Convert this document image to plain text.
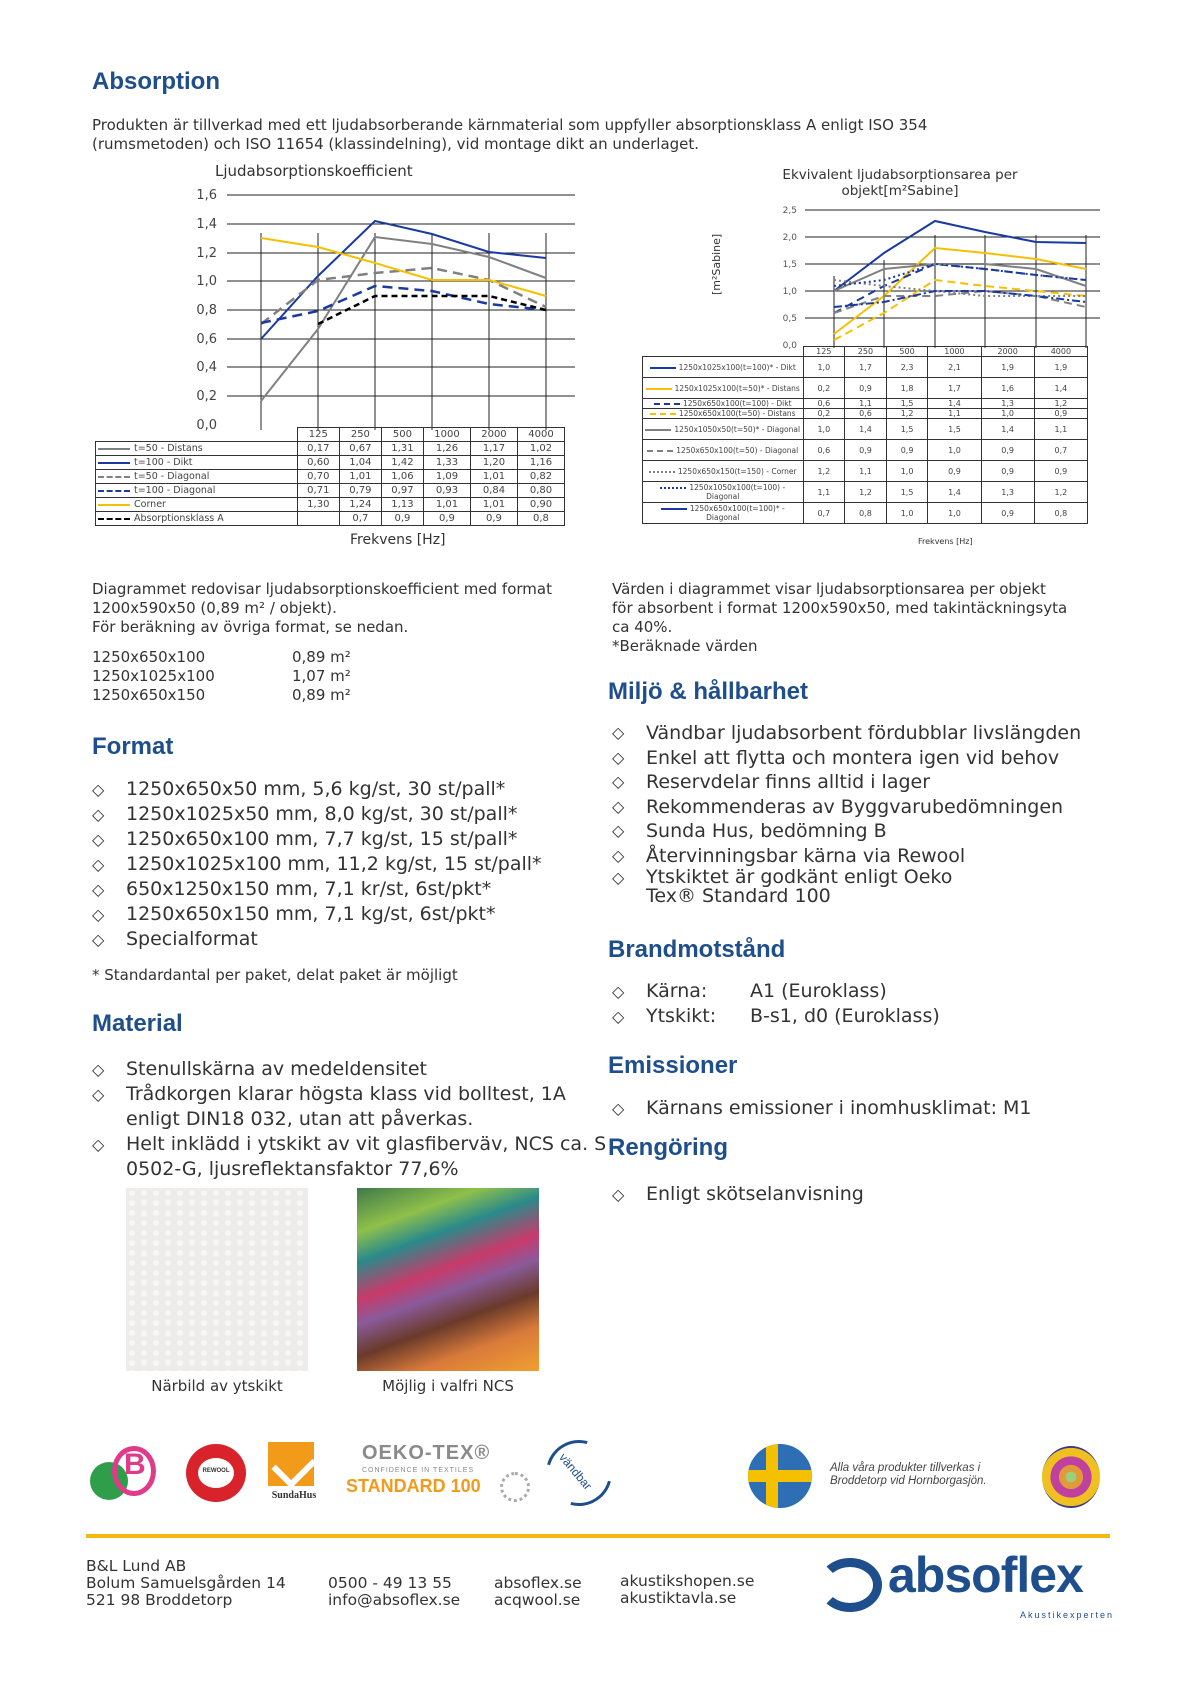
Absorption
Produkten är tillverkad med ett ljudabsorberande kärnmaterial som uppfyller absorptionsklass A enligt ISO 354 (rumsmetoden) och ISO 11654 (klassindelning), vid montage dikt an underlaget.
Ljudabsorptionskoefficient
1,6
1,4
1,2
1,0
0,8
0,6
0,4
0,2
0,0
	125	250	500	1000	2000	4000
t=50 - Distans	0,17	0,67	1,31	1,26	1,17	1,02
t=100 - Dikt	0,60	1,04	1,42	1,33	1,20	1,16
t=50 - Diagonal	0,70	1,01	1,06	1,09	1,01	0,82
t=100 - Diagonal	0,71	0,79	0,97	0,93	0,84	0,80
Corner	1,30	1,24	1,13	1,01	1,01	0,90
Absorptionsklass A		0,7	0,9	0,9	0,9	0,8
Frekvens [Hz]
Ekvivalent ljudabsorptionsarea per objekt[m²Sabine]
[m²Sabine]
2,5
2,0
1,5
1,0
0,5
0,0
	125	250	500	1000	2000	4000
1250x1025x100(t=100)* - Dikt	1,0	1,7	2,3	2,1	1,9	1,9
1250x1025x100(t=50)* - Distans	0,2	0,9	1,8	1,7	1,6	1,4
1250x650x100(t=100) - Dikt	0,6	1,1	1,5	1,4	1,3	1,2
1250x650x100(t=50) - Distans	0,2	0,6	1,2	1,1	1,0	0,9
1250x1050x50(t=50)* - Diagonal	1,0	1,4	1,5	1,5	1,4	1,1
1250x650x100(t=50) - Diagonal	0,6	0,9	0,9	1,0	0,9	0,7
1250x650x150(t=150) - Corner	1,2	1,1	1,0	0,9	0,9	0,9
1250x1050x100(t=100) - Diagonal	1,1	1,2	1,5	1,4	1,3	1,2
1250x650x100(t=100)* - Diagonal	0,7	0,8	1,0	1,0	0,9	0,8
Frekvens [Hz]
Diagrammet redovisar ljudabsorptionskoefficient med format
1200x590x50 (0,89 m² / objekt).
För beräkning av övriga format, se nedan.
1250x650x100	0,89 m²
1250x1025x100	1,07 m²
1250x650x150	0,89 m²
Värden i diagrammet visar ljudabsorptionsarea per objekt
för absorbent i format 1200x590x50, med takintäckningsyta
ca 40%.
*Beräknade värden
Format
◇ 1250x650x50 mm, 5,6 kg/st, 30 st/pall*
◇ 1250x1025x50 mm, 8,0 kg/st, 30 st/pall*
◇ 1250x650x100 mm, 7,7 kg/st, 15 st/pall*
◇ 1250x1025x100 mm, 11,2 kg/st, 15 st/pall*
◇ 650x1250x150 mm, 7,1 kr/st, 6st/pkt*
◇ 1250x650x150 mm, 7,1 kg/st, 6st/pkt*
◇ Specialformat
* Standardantal per paket, delat paket är möjligt
Material
◇ Stenullskärna av medeldensitet
◇ Trådkorgen klarar högsta klass vid bolltest, 1A enligt DIN18 032, utan att påverkas.
◇ Helt inklädd i ytskikt av vit glasfiberväv, NCS ca. S 0502-G, ljusreflektansfaktor 77,6%
Närbild av ytskikt	Möjlig i valfri NCS
Miljö & hållbarhet
◇ Vändbar ljudabsorbent fördubblar livslängden
◇ Enkel att flytta och montera igen vid behov
◇ Reservdelar finns alltid i lager
◇ Rekommenderas av Byggvarubedömningen
◇ Sunda Hus, bedömning B
◇ Återvinningsbar kärna via Rewool
◇ Ytskiktet är godkänt enligt Oeko Tex® Standard 100
Brandmotstånd
◇ Kärna: A1 (Euroklass)
◇ Ytskikt: B-s1, d0 (Euroklass)
Emissioner
◇ Kärnans emissioner i inomhusklimat: M1
Rengöring
◇ Enligt skötselanvisning
B	REWOOL
SundaHus
OEKO-TEX®
CONFIDENCE IN TEXTILES
STANDARD 100	vändbar	Alla våra produkter tillverkas i
Broddetorp vid Hornborgasjön.
B&L Lund AB
Bolum Samuelsgården 14
521 98 Broddetorp
0500 - 49 13 55
info@absoflex.se
absoflex.se
acqwool.se
akustikshopen.se
akustiktavla.se	absoflex
Akustikexperten
